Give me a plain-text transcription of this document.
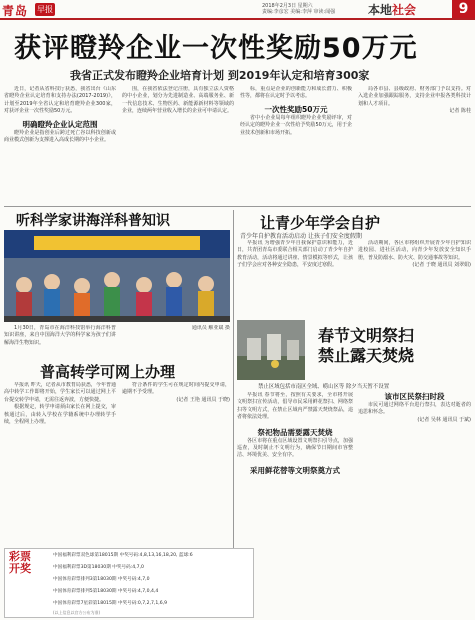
青岛 早报	2018年2月3日 星期六
责编:李彦宏 美编:李萍 审读:闻强	本地社会	9
获评瞪羚企业一次性奖励50万元
我省正式发布瞪羚企业培育计划 到2019年认定和培育300家

近日，记者从省科技厅获悉，我省出台《山东省瞪羚企业认定培育和支持办法(2017-2019)》，计划至2019年全省认定和培育瞪羚企业300家，对获评企业一次性奖励50万元。

明确瞪羚企业认定范围

瞪羚企业是指创业后跨过死亡谷以科技创新或商业模式创新为支撑进入高成长期的中小企业。

围，在我省依法登记注册，具有独立法人资格的中小企业，划分为先进制造业、高端服务业、新一代信息技术、生物医药、新能源新材料等领域的企业，连续两年营业收入增长的企业可申请认定。

标，重点是企业的创新能力和成长潜力、积极性等，都将在认定时予以考虑。

一次性奖励50万元

省中小企业局每年组织瞪羚企业奖励评审，对经认定的瞪羚企业一次性给予奖励50万元，用于企业技术创新和市场开拓。

局各市县、县级政府、财务部门予以支持。对入选企业加强跟踪服务，支持企业申报各类科技计划和人才项目。

记者 陈桂
听科学家讲海洋科普知识

1月30日，青岛市在海洋科技馆举行海洋科普知识讲座，来自中国海洋大学的科学家为孩子们讲解海洋生物知识。

通讯员 解亚斌 摄
让青少年学会自护
青少年自护教育活动启动 让孩子们安全度假期

早报讯 为增强青少年自我保护意识和能力，近日，共青团青岛市委联合相关部门启动了青少年自护教育活动，活动将通过讲座、情景模拟等形式，让孩子们学会应对各种安全隐患，平安度过寒假。

活动期间，各区市将组织开展青少年自护知识进校园、进社区活动，向青少年发放安全知识手册，普及防溺水、防火灾、防交通事故等知识。

(记者 于晓 通讯员 刘翠娟)
春节文明祭扫
禁止露天焚烧
禁止区域包括市南区全域、崂山区等 除夕当天暂不设置

早报讯 春节将至，按照有关要求，全市将开展文明祭扫宣传活动，倡导市民采用鲜花祭扫、网络祭扫等文明方式，在禁止区域内严禁露天焚烧祭品，违者将依法处理。

祭祀物品需要露天焚烧

各区市将在重点区域设置文明祭扫引导点，加强巡查，及时制止不文明行为，确保节日期间市容整洁、环境优美、安全有序。

采用鲜花替等文明祭奠方式
该市区民祭扫时段

市民可通过网络平台进行祭扫，表达对逝者的追思和怀念。

(记者 吴林 通讯员 于斌)
普高转学可网上办理

早报讯 昨天，记者从市教育局获悉，今年普通高中转学工作即将开始，学生家长可以通过网上平台提交转学申请，无需往返奔波，方便快捷。

根据规定，转学申请须由家长在网上提交，审核通过后，由转入学校在学籍系统中办理转学手续，全程网上办理。

符合条件的学生可在规定时间内提交申请，逾期不予受理。

(记者 王艳 通讯员 于晓)
彩票
开奖
中国福利彩票双色球第18015期 中奖号码:4,8,13,16,18,20, 蓝球:6
中国福利彩票3D第18030期 中奖号码:4,7,0
中国体育彩票排列3第18030期 中奖号码:4,7,0
中国体育彩票排列5第18030期 中奖号码:4,7,0,4,4
中国体育彩票7星彩第18015期 中奖号码:0,7,2,7,1,6,9
(以上信息以官方公布为准)
